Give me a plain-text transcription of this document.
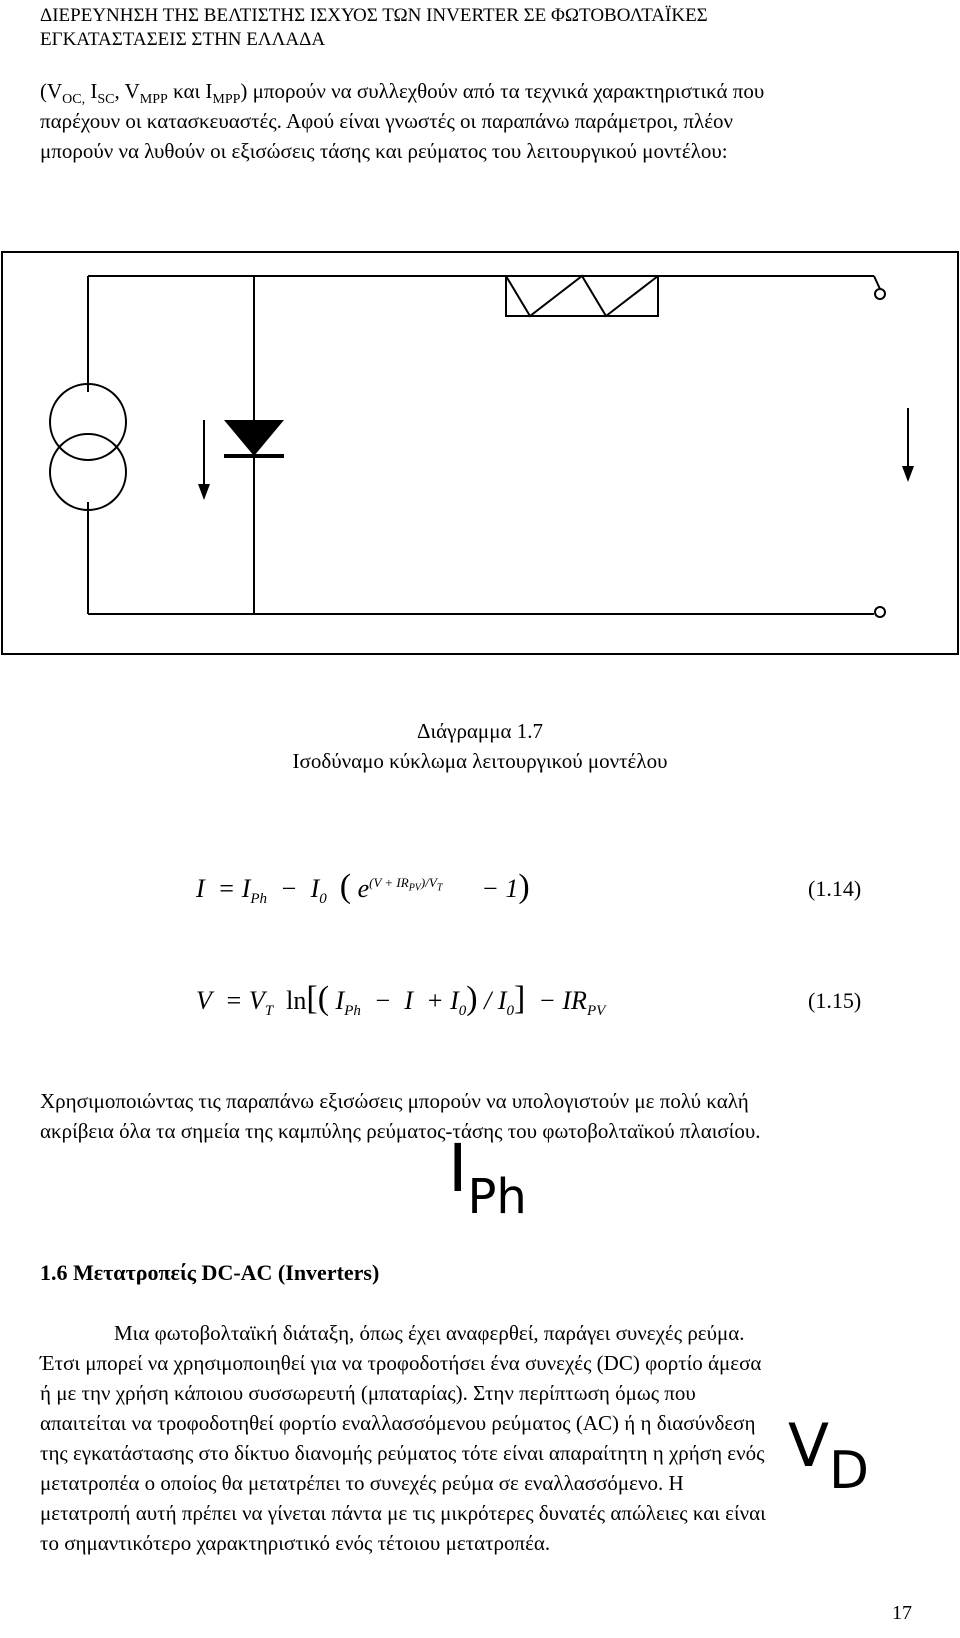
ΔΙΕΡΕΥΝΗΣΗ ΤΗΣ ΒΕΛΤΙΣΤΗΣ ΙΣΧΥΟΣ ΤΩΝ INVERTER ΣΕ ΦΩΤΟΒΟΛΤΑΪΚΕΣ
ΕΓΚΑΤΑΣΤΑΣΕΙΣ ΣΤΗΝ ΕΛΛΑΔΑ
($V_{OC,}$ $I_{SC}$, $V_{MPP}$ και $I_{MPP}$) μπορούν να συλλεχθούν από τα τεχνικά χαρακτηριστικά που
παρέχουν οι κατασκευαστές. Αφού είναι γνωστές οι παραπάνω παράμετροι, πλέον
μπορούν να λυθούν οι εξισώσεις τάσης και ρεύματος του λειτουργικού μοντέλου:
Διάγραμμα 1.7
Ισοδύναμο κύκλωμα λειτουργικού μοντέλου
$I = I_{Ph} - I_0$ ( $e^{(V + IR_{PV})/V_T}$      − 1)	(1.14)
$V = V_T$ ln[( $I_{Ph} - I + I_0) / I_0] - IR_{PV}$	(1.15)
Χρησιμοποιώντας τις παραπάνω εξισώσεις μπορούν να υπολογιστούν με πολύ καλή
ακρίβεια όλα τα σημεία της καμπύλης ρεύματος-τάσης του φωτοβολταϊκού πλαισίου.
$I_{Ph}$
1.6 Μετατροπείς DC-AC (Inverters)
Μια φωτοβολταϊκή διάταξη, όπως έχει αναφερθεί, παράγει συνεχές ρεύμα.
Έτσι μπορεί να χρησιμοποιηθεί για να τροφοδοτήσει ένα συνεχές (DC) φορτίο άμεσα
ή με την χρήση κάποιου συσσωρευτή (μπαταρίας). Στην περίπτωση όμως που
απαιτείται να τροφοδοτηθεί φορτίο εναλλασσόμενου ρεύματος (AC) ή η διασύνδεση
της εγκατάστασης στο δίκτυο διανομής ρεύματος τότε είναι απαραίτητη η χρήση ενός
μετατροπέα ο οποίος θα μετατρέπει το συνεχές ρεύμα σε εναλλασσόμενο. Η
μετατροπή αυτή πρέπει να γίνεται πάντα με τις μικρότερες δυνατές απώλειες και είναι
το σημαντικότερο χαρακτηριστικό ενός τέτοιου μετατροπέα.
VD
17
